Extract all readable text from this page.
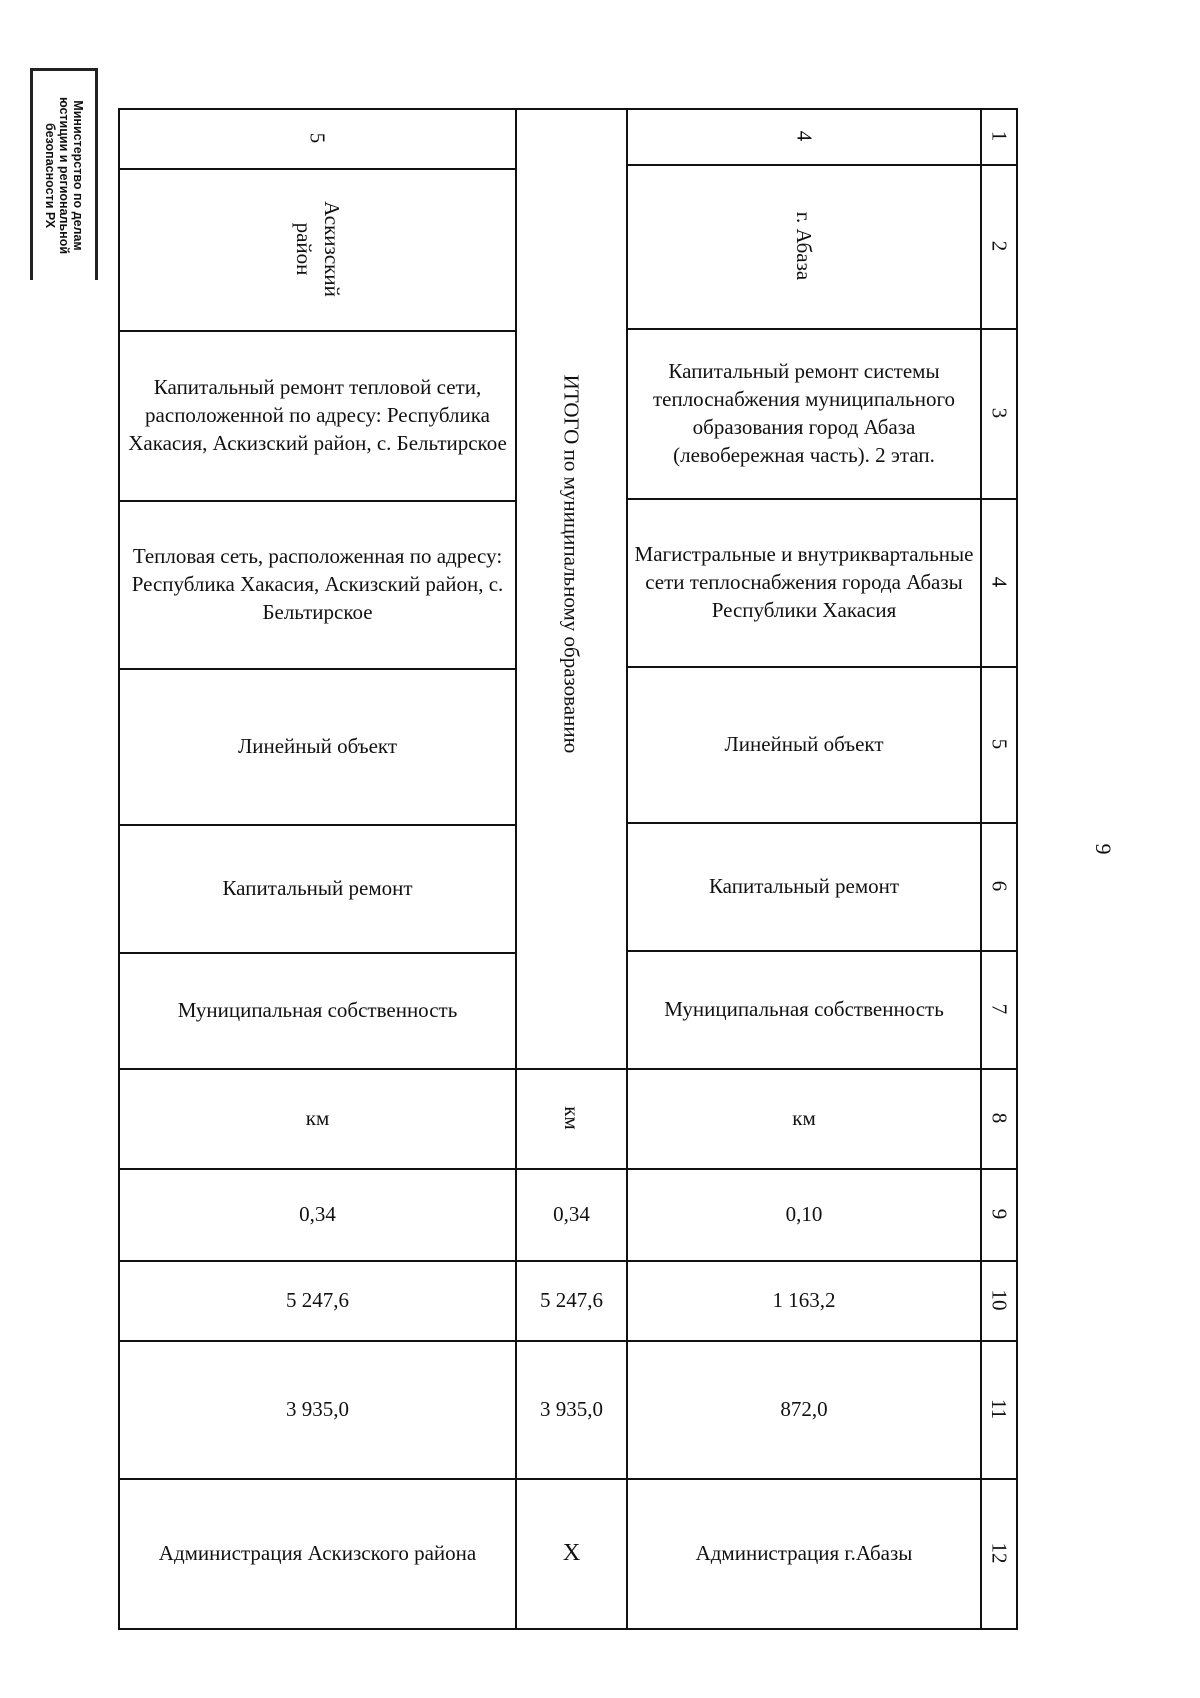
Министерство по делам
юстиции и региональной
безопасности РХ
9
1
2
3
4
5
6
7
8
9
10
11
12
4
г. Абаза
Капитальный ремонт системы теплоснабжения муниципального образования город Абаза (левобережная часть). 2 этап.
Магистральные и внутриквартальные сети теплоснабжения города Абазы Республики Хакасия
Линейный объект
Капитальный ремонт
Муниципальная собственность
км
0,10
1 163,2
872,0
Администрация г.Абазы
ИТОГО по муниципальному образованию
км
0,34
5 247,6
3 935,0
Х
5
Аскизский район
Капитальный ремонт тепловой сети, расположенной по адресу: Республика Хакасия, Аскизский район, с. Бельтирское
Тепловая сеть, расположенная по адресу: Республика Хакасия, Аскизский район, с. Бельтирское
Линейный объект
Капитальный ремонт
Муниципальная собственность
км
0,34
5 247,6
3 935,0
Администрация Аскизского района
